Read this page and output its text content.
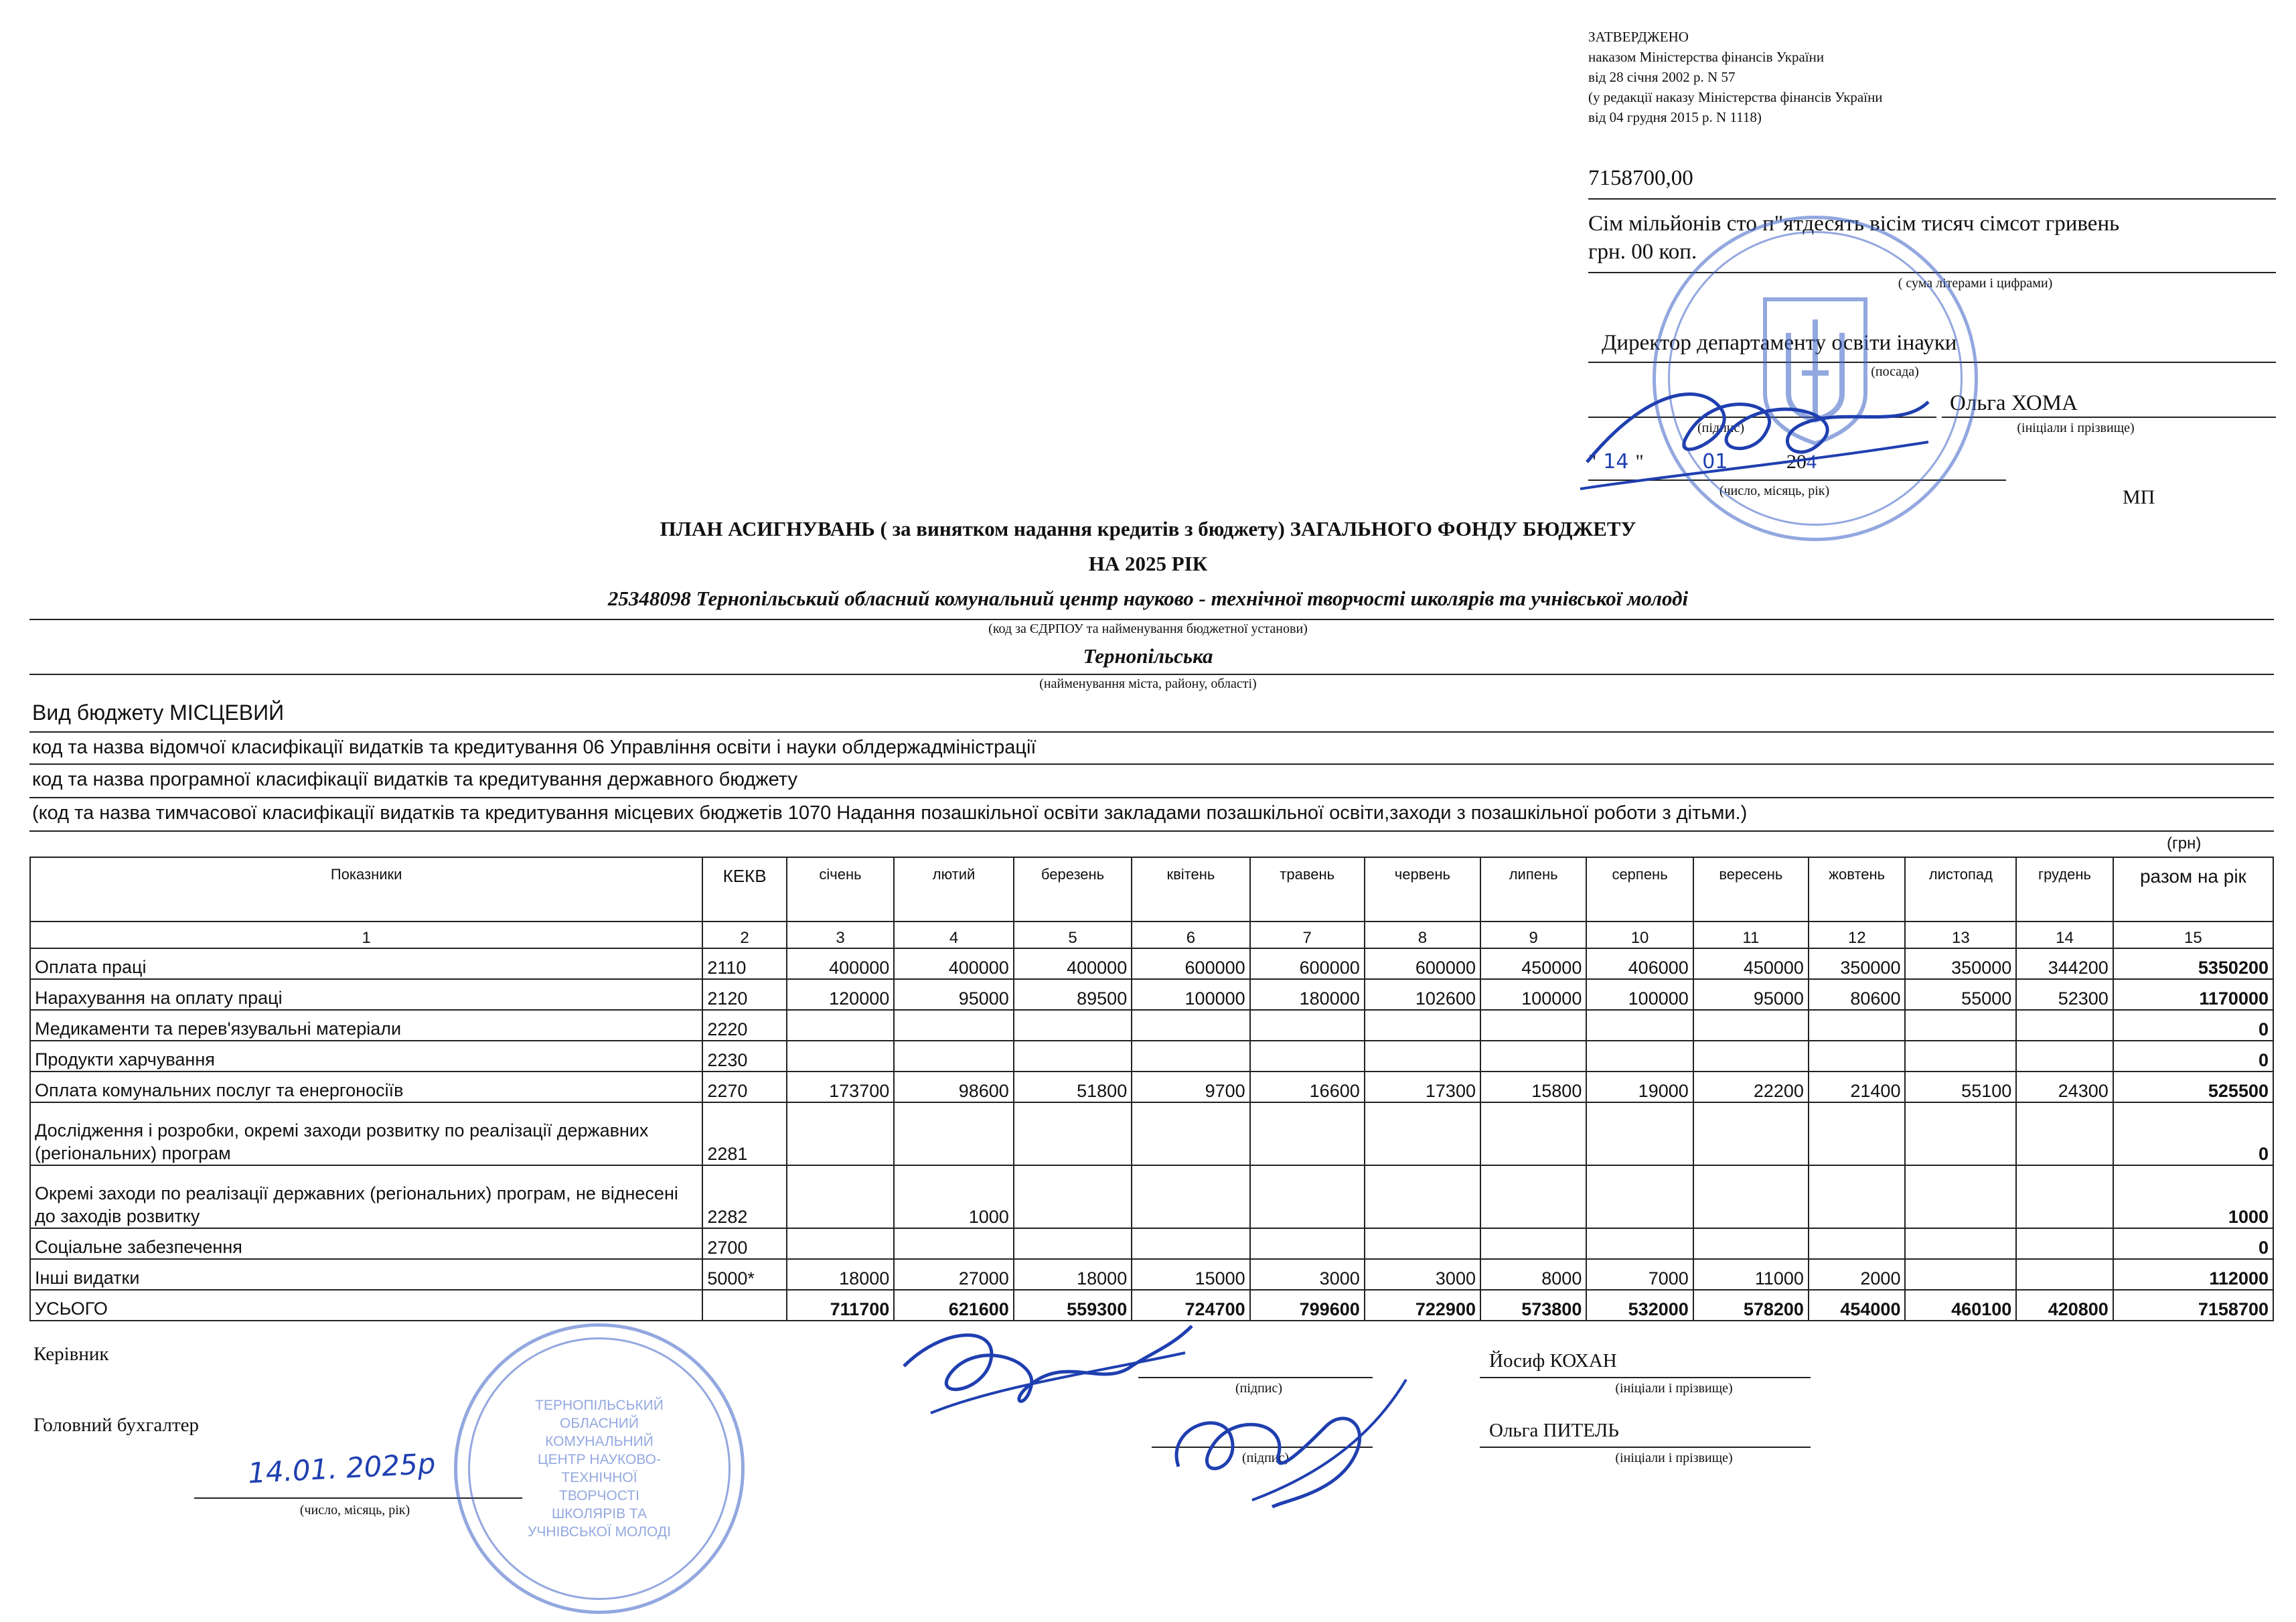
ЗАТВЕРДЖЕНО
наказом Міністерства фінансів України
від 28 січня 2002 р. N 57
(у редакції наказу Міністерства фінансів України
від 04 грудня 2015 р. N 1118)
7158700,00
Сім мільйонів сто п"ятдесять вісім тисяч сімсот гривень
грн. 00 коп.
( сума літерами і цифрами)
Директор департаменту освіти інауки
(посада)
Ольга ХОМА
(підпис)	(ініціали і прізвище)
" 14 "	01	204
(число, місяць, рік)	МП
ПЛАН АСИГНУВАНЬ ( за винятком надання кредитів з бюджету) ЗАГАЛЬНОГО ФОНДУ БЮДЖЕТУ
НА 2025 РІК
25348098 Тернопільський обласний комунальний центр науково - технічної творчості школярів та учнівської молоді
(код за ЄДРПОУ та найменування бюджетної установи)
Тернопільська
(найменування міста, району, області)
Вид бюджету МІСЦЕВИЙ
код та назва відомчої класифікації видатків та кредитування 06 Управління освіти і науки облдержадміністрації
код та назва програмної класифікації видатків та кредитування державного бюджету
(код та назва тимчасової класифікації видатків та кредитування місцевих бюджетів 1070 Надання позашкільної освіти закладами позашкільної освіти,заходи з позашкільної роботи з дітьми.)
(грн)
Показники	КЕКВ	січень	лютий	березень	квітень	травень	червень	липень	серпень	вересень	жовтень	листопад	грудень	разом на рік
1	2	3	4	5	6	7	8	9	10	11	12	13	14	15
Оплата праці	2110	400000	400000	400000	600000	600000	600000	450000	406000	450000	350000	350000	344200	5350200
Нарахування на оплату праці	2120	120000	95000	89500	100000	180000	102600	100000	100000	95000	80600	55000	52300	1170000
Медикаменти та перев'язувальні матеріали	2220													0
Продукти харчування	2230													0
Оплата комунальних послуг та енергоносіїв	2270	173700	98600	51800	9700	16600	17300	15800	19000	22200	21400	55100	24300	525500
Дослідження і розробки, окремі заходи розвитку по реалізації державних (регіональних) програм	2281													0
Окремі заходи по реалізації державних (регіональних) програм, не віднесені до заходів розвитку	2282		1000											1000
Соціальне забезпечення	2700													0
Інші видатки	5000*	18000	27000	18000	15000	3000	3000	8000	7000	11000	2000			112000
УСЬОГО		711700	621600	559300	724700	799600	722900	573800	532000	578200	454000	460100	420800	7158700
Керівник
(підпис)
Йосиф КОХАН
(ініціали і прізвище)
Головний бухгалтер
(підпис)
Ольга ПИТЕЛЬ
(ініціали і прізвище)
14.01. 2025р
(число, місяць, рік)
ТЕРНОПІЛЬСЬКИЙ ОБЛАСНИЙ КОМУНАЛЬНИЙ ЦЕНТР НАУКОВО-ТЕХНІЧНОЇ ТВОРЧОСТІ ШКОЛЯРІВ ТА УЧНІВСЬКОЇ МОЛОДІ
